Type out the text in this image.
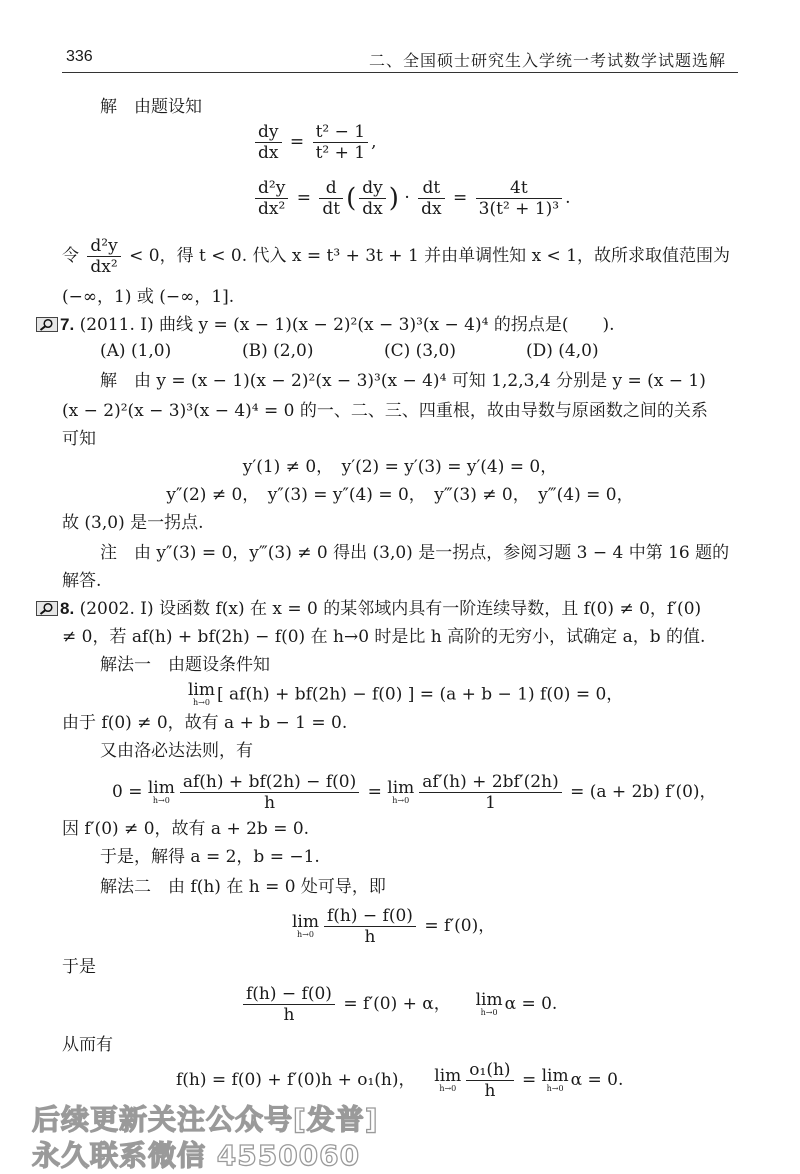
336	二、全国硕士研究生入学统一考试数学试题选解
解　由题设知
$\frac{dy}{dx} = \frac{\text{t² − 1}}{\text{t² + 1}}$ ,
$\frac{\text{d²y}}{\text{dx²}} = \frac{d}{dt}$ ( $\frac{dy}{dx}$ ) · $\frac{dt}{dx} = \frac{4t}{\text{3(t² + 1)³}}$ .
令 $\frac{\text{d²y}}{\text{dx²}} < 0$，得 t < 0. 代入 x = t³ + 3t + 1 并由单调性知 x < 1，故所求取值范围为
(−∞，1) 或 (−∞，1].
7. (2011. Ⅰ) 曲线 y = (x − 1)(x − 2)²(x − 3)³(x − 4)⁴ 的拐点是(　　).
(A) (1,0)	(B) (2,0)	(C) (3,0)	(D) (4,0)
解　由 y = (x − 1)(x − 2)²(x − 3)³(x − 4)⁴ 可知 1,2,3,4 分别是 y = (x − 1)
(x − 2)²(x − 3)³(x − 4)⁴ = 0 的一、二、三、四重根，故由导数与原函数之间的关系
可知
y′(1) ≠ 0，　y′(2) = y′(3) = y′(4) = 0，
y″(2) ≠ 0，　y″(3) = y″(4) = 0，　y‴(3) ≠ 0，　y‴(4) = 0，
故 (3,0) 是一拐点.
注　由 y″(3) = 0，y‴(3) ≠ 0 得出 (3,0) 是一拐点，参阅习题 3 − 4 中第 16 题的
解答.
8. (2002. Ⅰ) 设函数 f(x) 在 x = 0 的某邻域内具有一阶连续导数，且 f(0) ≠ 0，f′(0)
≠ 0，若 af(h) + bf(2h) − f(0) 在 h→0 时是比 h 高阶的无穷小，试确定 a，b 的值.
解法一　由题设条件知
lim
h→0 [ af(h) + bf(2h) − f(0) ] = (a + b − 1) f(0) = 0，
由于 f(0) ≠ 0，故有 a + b − 1 = 0.
又由洛必达法则，有
0 = lim
$h\to 0 \frac{af(h) + bf(2h) - f(0)}{h} = \lim$
$h\to 0 \frac{af'(h) + 2bf'(2h)}{1} = (a + 2b)$ f′(0)，
因 f′(0) ≠ 0，故有 a + 2b = 0.
于是，解得 a = 2，b = −1.
解法二　由 f(h) 在 h = 0 处可导，即
lim
$h\to 0 \frac{f(h) - f(0)}{h} = f'(0)$，
于是
$\frac{f(h) - f(0)}{h} = f'(0) + \alpha$， lim
h→0 α = 0.
从而有
f(h) = f(0) + f′(0)h + o₁(h)， lim
$h\to 0 \frac{\text{o₁(h)}}{h} = \lim$
h→0 α = 0.
后续更新关注公众号[发普]
永久联系微信 4550060
